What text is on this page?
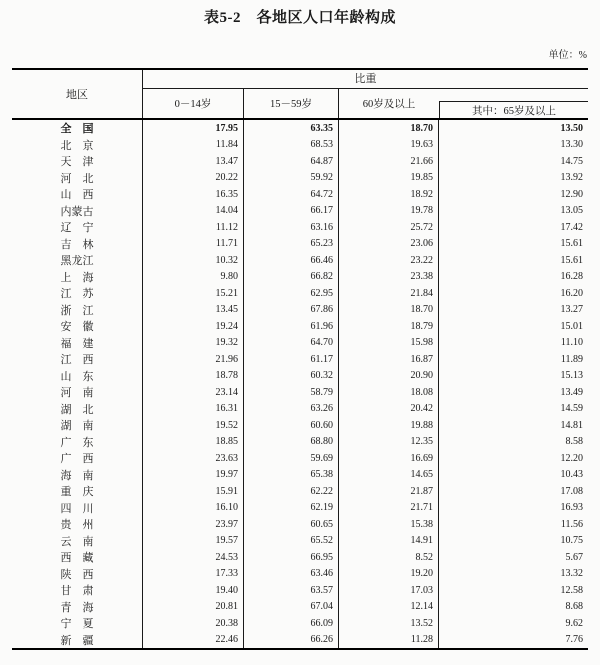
表5-2　各地区人口年龄构成
单位：%
地区
比重
0－14岁	15－59岁	60岁及以上
其中：65岁及以上
全　国	17.95	63.35	18.70	13.50
北　京	11.84	68.53	19.63	13.30
天　津	13.47	64.87	21.66	14.75
河　北	20.22	59.92	19.85	13.92
山　西	16.35	64.72	18.92	12.90
内蒙古	14.04	66.17	19.78	13.05
辽　宁	11.12	63.16	25.72	17.42
吉　林	11.71	65.23	23.06	15.61
黑龙江	10.32	66.46	23.22	15.61
上　海	9.80	66.82	23.38	16.28
江　苏	15.21	62.95	21.84	16.20
浙　江	13.45	67.86	18.70	13.27
安　徽	19.24	61.96	18.79	15.01
福　建	19.32	64.70	15.98	11.10
江　西	21.96	61.17	16.87	11.89
山　东	18.78	60.32	20.90	15.13
河　南	23.14	58.79	18.08	13.49
湖　北	16.31	63.26	20.42	14.59
湖　南	19.52	60.60	19.88	14.81
广　东	18.85	68.80	12.35	8.58
广　西	23.63	59.69	16.69	12.20
海　南	19.97	65.38	14.65	10.43
重　庆	15.91	62.22	21.87	17.08
四　川	16.10	62.19	21.71	16.93
贵　州	23.97	60.65	15.38	11.56
云　南	19.57	65.52	14.91	10.75
西　藏	24.53	66.95	8.52	5.67
陕　西	17.33	63.46	19.20	13.32
甘　肃	19.40	63.57	17.03	12.58
青　海	20.81	67.04	12.14	8.68
宁　夏	20.38	66.09	13.52	9.62
新　疆	22.46	66.26	11.28	7.76
